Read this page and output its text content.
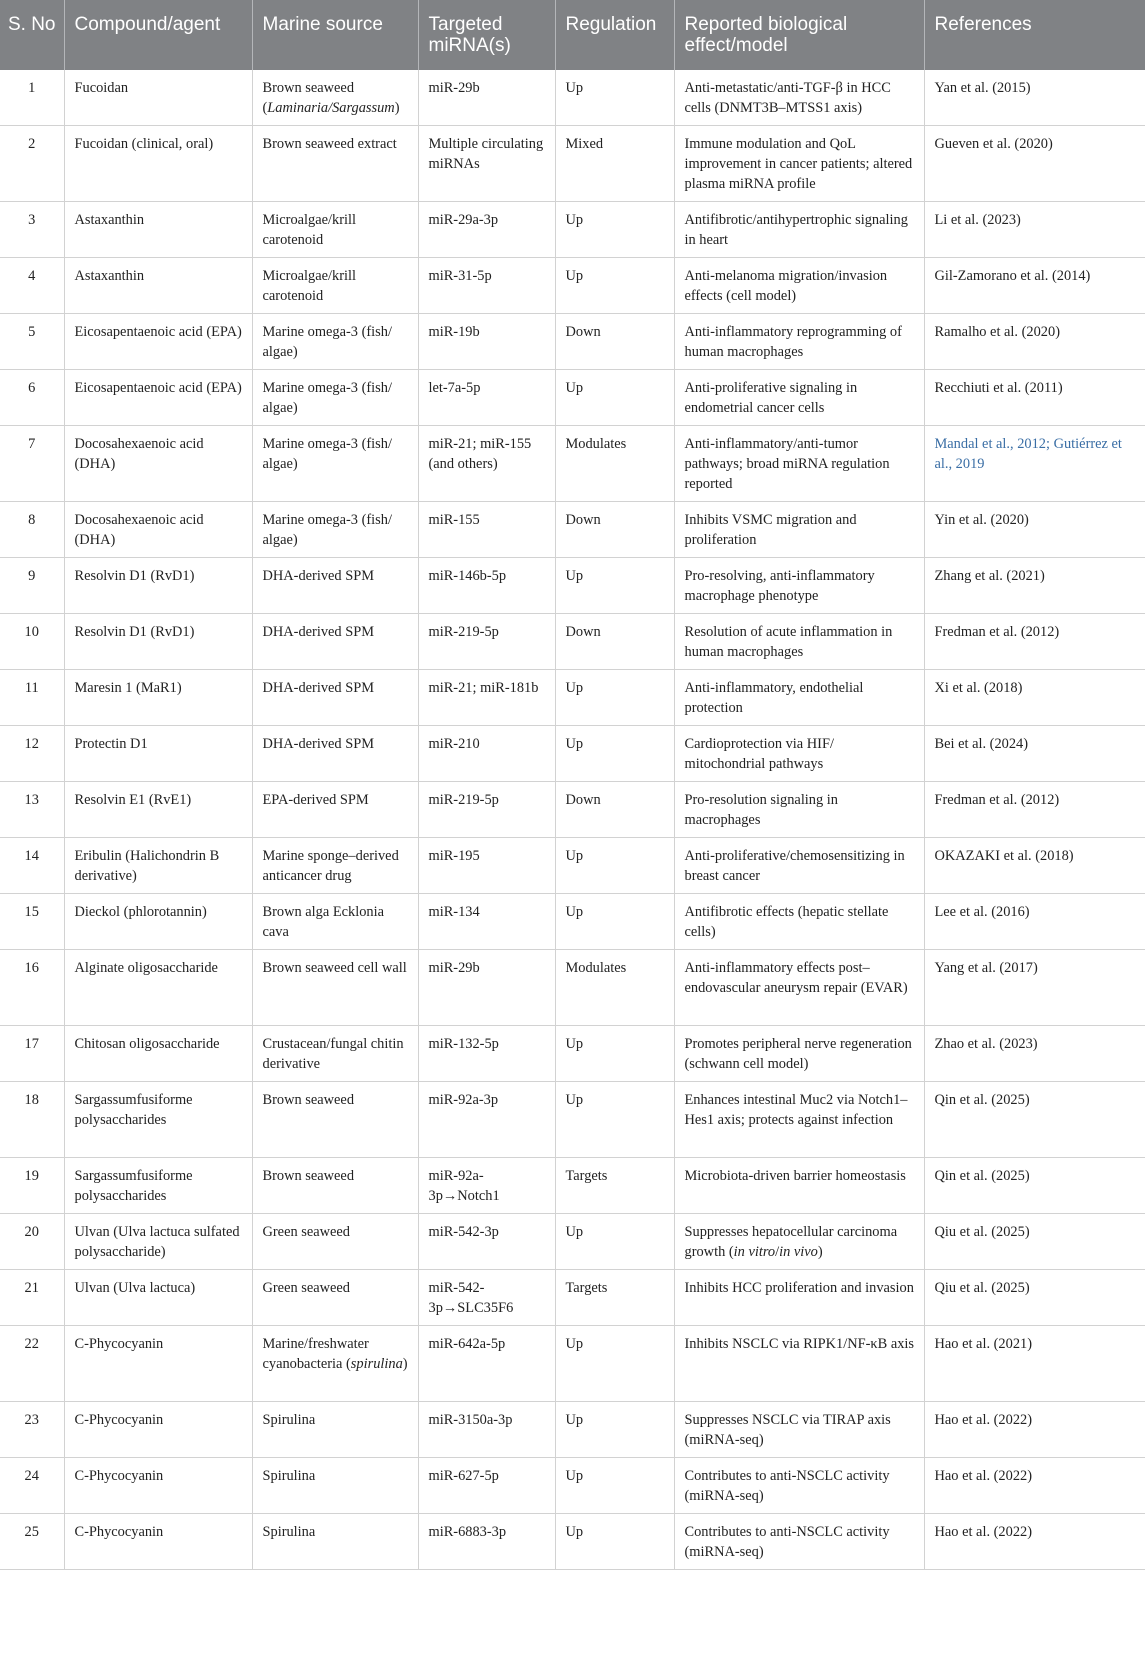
S. No	Compound/agent	Marine source	Targeted miRNA(s)	Regulation	Reported biological effect/model	References
1	Fucoidan	Brown seaweed (Laminaria/Sargassum)	miR-29b	Up	Anti-metastatic/anti-TGF-β in HCC cells (DNMT3B–MTSS1 axis)	Yan et al. (2015)
2	Fucoidan (clinical, oral)	Brown seaweed extract	Multiple circulating miRNAs	Mixed	Immune modulation and QoL improvement in cancer patients; altered plasma miRNA profile	Gueven et al. (2020)
3	Astaxanthin	Microalgae/krill carotenoid	miR-29a-3p	Up	Antifibrotic/antihypertrophic signaling in heart	Li et al. (2023)
4	Astaxanthin	Microalgae/krill carotenoid	miR-31-5p	Up	Anti-melanoma migration/invasion effects (cell model)	Gil-Zamorano et al. (2014)
5	Eicosapentaenoic acid (EPA)	Marine omega-3 (fish/ algae)	miR-19b	Down	Anti-inflammatory reprogramming of human macrophages	Ramalho et al. (2020)
6	Eicosapentaenoic acid (EPA)	Marine omega-3 (fish/ algae)	let-7a-5p	Up	Anti-proliferative signaling in endometrial cancer cells	Recchiuti et al. (2011)
7	Docosahexaenoic acid (DHA)	Marine omega-3 (fish/ algae)	miR-21; miR-155 (and others)	Modulates	Anti-inflammatory/anti-tumor pathways; broad miRNA regulation reported	Mandal et al., 2012; Gutiérrez et al., 2019
8	Docosahexaenoic acid (DHA)	Marine omega-3 (fish/ algae)	miR-155	Down	Inhibits VSMC migration and proliferation	Yin et al. (2020)
9	Resolvin D1 (RvD1)	DHA-derived SPM	miR-146b-5p	Up	Pro-resolving, anti-inflammatory macrophage phenotype	Zhang et al. (2021)
10	Resolvin D1 (RvD1)	DHA-derived SPM	miR-219-5p	Down	Resolution of acute inflammation in human macrophages	Fredman et al. (2012)
11	Maresin 1 (MaR1)	DHA-derived SPM	miR-21; miR-181b	Up	Anti-inflammatory, endothelial protection	Xi et al. (2018)
12	Protectin D1	DHA-derived SPM	miR-210	Up	Cardioprotection via HIF/ mitochondrial pathways	Bei et al. (2024)
13	Resolvin E1 (RvE1)	EPA-derived SPM	miR-219-5p	Down	Pro-resolution signaling in macrophages	Fredman et al. (2012)
14	Eribulin (Halichondrin B derivative)	Marine sponge–derived anticancer drug	miR-195	Up	Anti-proliferative/chemosensitizing in breast cancer	OKAZAKI et al. (2018)
15	Dieckol (phlorotannin)	Brown alga Ecklonia cava	miR-134	Up	Antifibrotic effects (hepatic stellate cells)	Lee et al. (2016)
16	Alginate oligosaccharide	Brown seaweed cell wall	miR-29b	Modulates	Anti-inflammatory effects post–endovascular aneurysm repair (EVAR)	Yang et al. (2017)
17	Chitosan oligosaccharide	Crustacean/fungal chitin derivative	miR-132-5p	Up	Promotes peripheral nerve regeneration (schwann cell model)	Zhao et al. (2023)
18	Sargassumfusiforme polysaccharides	Brown seaweed	miR-92a-3p	Up	Enhances intestinal Muc2 via Notch1–Hes1 axis; protects against infection	Qin et al. (2025)
19	Sargassumfusiforme polysaccharides	Brown seaweed	miR-92a-3p→Notch1	Targets	Microbiota-driven barrier homeostasis	Qin et al. (2025)
20	Ulvan (Ulva lactuca sulfated polysaccharide)	Green seaweed	miR-542-3p	Up	Suppresses hepatocellular carcinoma growth (in vitro/in vivo)	Qiu et al. (2025)
21	Ulvan (Ulva lactuca)	Green seaweed	miR-542-3p→SLC35F6	Targets	Inhibits HCC proliferation and invasion	Qiu et al. (2025)
22	C-Phycocyanin	Marine/freshwater cyanobacteria (spirulina)	miR-642a-5p	Up	Inhibits NSCLC via RIPK1/NF-κB axis	Hao et al. (2021)
23	C-Phycocyanin	Spirulina	miR-3150a-3p	Up	Suppresses NSCLC via TIRAP axis (miRNA-seq)	Hao et al. (2022)
24	C-Phycocyanin	Spirulina	miR-627-5p	Up	Contributes to anti-NSCLC activity (miRNA-seq)	Hao et al. (2022)
25	C-Phycocyanin	Spirulina	miR-6883-3p	Up	Contributes to anti-NSCLC activity (miRNA-seq)	Hao et al. (2022)
